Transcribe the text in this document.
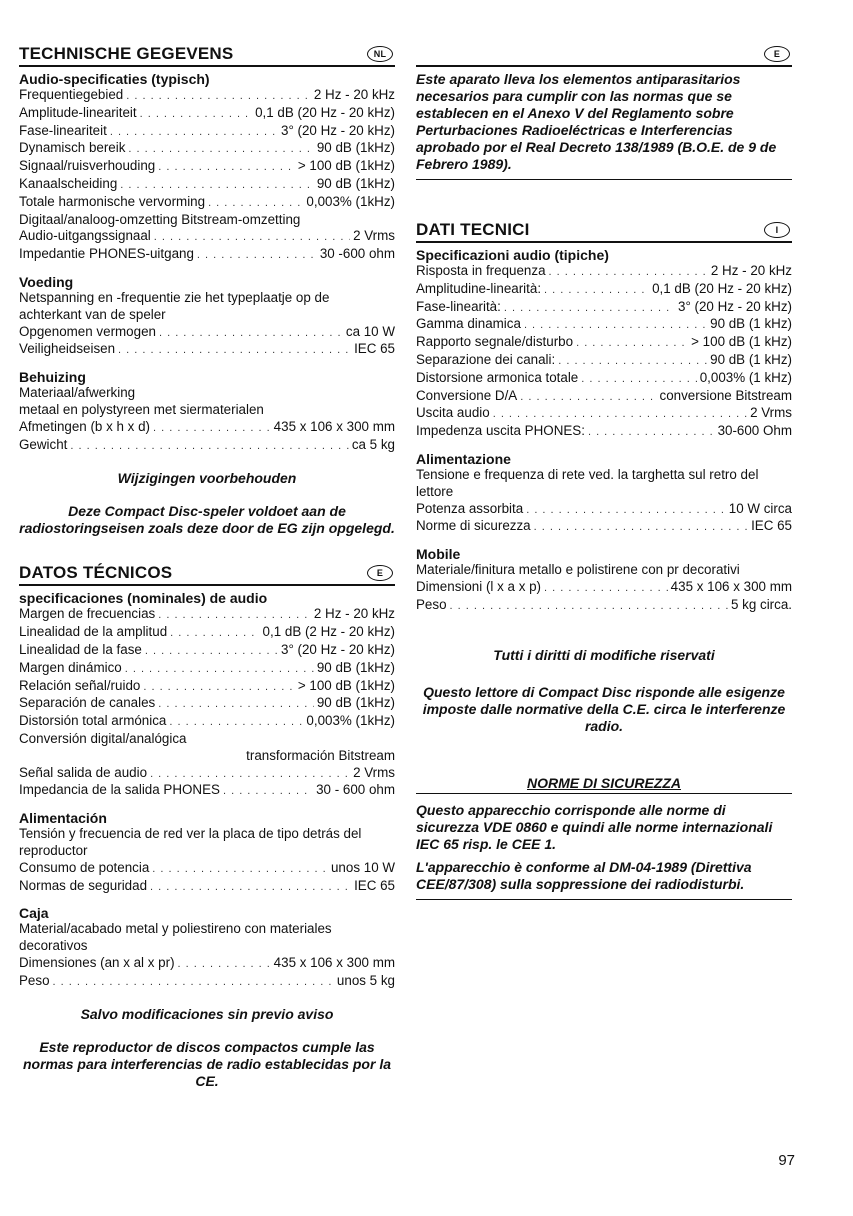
TECHNISCHE GEGEVENS	NL
Audio-specificaties (typisch)
Frequentiegebied . . .	2 Hz - 20 kHz
Amplitude-lineariteit . . .	0,1 dB (20 Hz - 20 kHz)
Fase-lineariteit . . .	3° (20 Hz - 20 kHz)
Dynamisch bereik . . .	90 dB (1kHz)
Signaal/ruisverhouding . . .	> 100 dB (1kHz)
Kanaalscheiding . . .	90 dB (1kHz)
Totale harmonische vervorming . . .	0,003% (1kHz)
Digitaal/analoog-omzetting Bitstream-omzetting
Audio-uitgangssignaal . . .	2 Vrms
Impedantie PHONES-uitgang . . .	30 -600 ohm
Voeding
Netspanning en -frequentie zie het typeplaatje op de achterkant van de speler
Opgenomen vermogen . . .	ca 10 W
Veiligheidseisen . . .	IEC 65
Behuizing
Materiaal/afwerking
metaal en polystyreen met siermaterialen
Afmetingen (b x h x d) . . .	435 x 106 x 300 mm
Gewicht . . .	ca 5 kg
Wijzigingen voorbehouden
Deze Compact Disc-speler voldoet aan de radiostoringseisen zoals deze door de EG zijn opgelegd.
DATOS TÉCNICOS	E
specificaciones (nominales) de audio
Margen de frecuencias . . .	2 Hz - 20 kHz
Linealidad de la amplitud . . .	0,1 dB (2 Hz - 20 kHz)
Linealidad de la fase . . .	3° (20 Hz - 20 kHz)
Margen dinámico . . .	90 dB (1kHz)
Relación señal/ruido . . .	> 100 dB (1kHz)
Separación de canales . . .	90 dB (1kHz)
Distorsión total armónica . . .	0,003% (1kHz)
Conversión digital/analógica
transformación Bitstream
Señal salida de audio . . .	2 Vrms
Impedancia de la salida PHONES . . .	30 - 600 ohm
Alimentación
Tensión y frecuencia de red ver la placa de tipo detrás del reproductor
Consumo de potencia . . .	unos 10 W
Normas de seguridad . . .	IEC 65
Caja
Material/acabado metal y poliestireno con materiales decorativos
Dimensiones (an x al x pr) . . .	435 x 106 x 300 mm
Peso . . .	unos 5 kg
Salvo modificaciones sin previo aviso
Este reproductor de discos compactos cumple las normas para interferencias de radio establecidas por la CE.
E
Este aparato lleva los elementos antiparasitarios necesarios para cumplir con las normas que se establecen en el Anexo V del Reglamento sobre Perturbaciones Radioeléctricas e Interferencias aprobado por el Real Decreto 138/1989 (B.O.E. de 9 de Febrero 1989).
DATI TECNICI	I
Specificazioni audio (tipiche)
Risposta in frequenza . . .	2 Hz - 20 kHz
Amplitudine-linearità: . . .	0,1 dB (20 Hz - 20 kHz)
Fase-linearità: . . .	3° (20 Hz - 20 kHz)
Gamma dinamica . . .	90 dB (1 kHz)
Rapporto segnale/disturbo . . .	> 100 dB (1 kHz)
Separazione dei canali: . . .	90 dB (1 kHz)
Distorsione armonica totale . . .	0,003% (1 kHz)
Conversione D/A . . .	conversione Bitstream
Uscita audio . . .	2 Vrms
Impedenza uscita PHONES: . . .	30-600 Ohm
Alimentazione
Tensione e frequenza di rete ved. la targhetta sul retro del lettore
Potenza assorbita . . .	10 W circa
Norme di sicurezza . . .	IEC 65
Mobile
Materiale/finitura metallo e polistirene con pr decorativi
Dimensioni (l x a x p) . . .	435 x 106 x 300 mm
Peso . . .	5 kg circa.
Tutti i diritti di modifiche riservati
Questo lettore di Compact Disc risponde alle esigenze imposte dalle normative della C.E. circa le interferenze radio.
NORME DI SICUREZZA
Questo apparecchio corrisponde alle norme di sicurezza VDE 0860 e quindi alle norme internazionali IEC 65 risp. le CEE 1.
L'apparecchio è conforme al DM-04-1989 (Direttiva CEE/87/308) sulla soppressione dei radiodisturbi.
97
